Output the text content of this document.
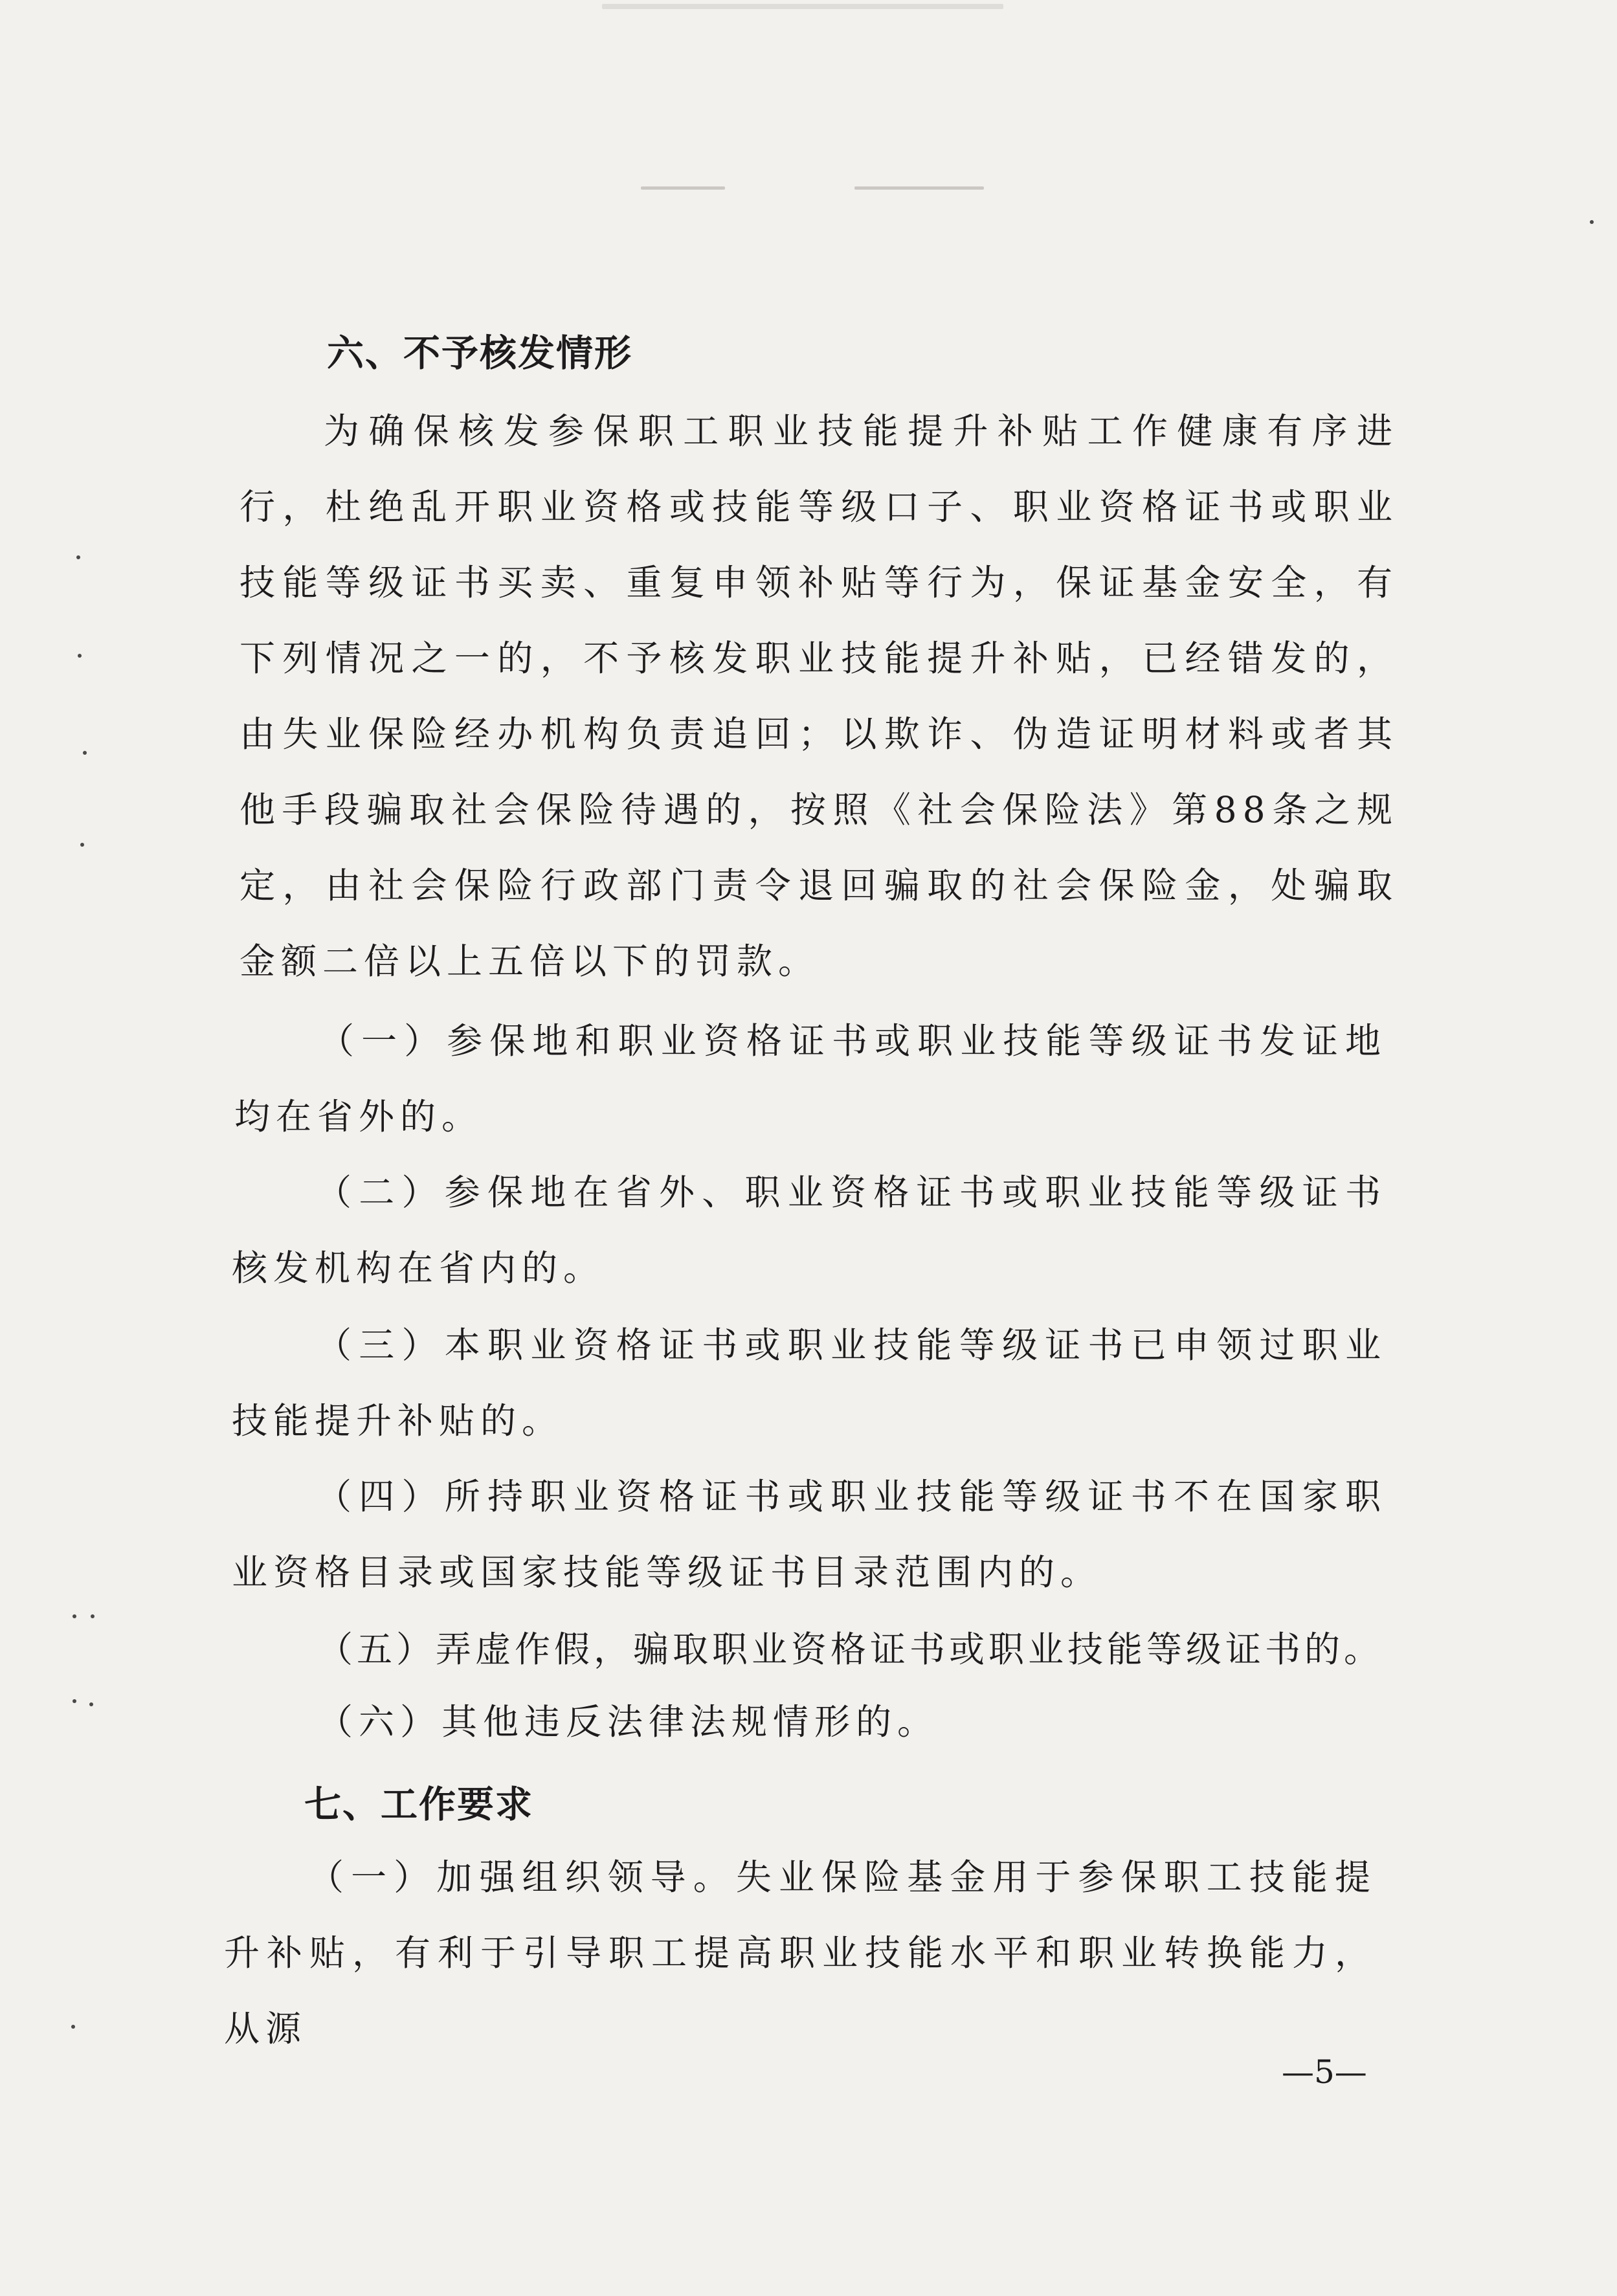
六、不予核发情形
为确保核发参保职工职业技能提升补贴工作健康有序进行，杜绝乱开职业资格或技能等级口子、职业资格证书或职业技能等级证书买卖、重复申领补贴等行为，保证基金安全，有下列情况之一的，不予核发职业技能提升补贴，已经错发的，由失业保险经办机构负责追回；以欺诈、伪造证明材料或者其他手段骗取社会保险待遇的，按照《社会保险法》第88条之规定，由社会保险行政部门责令退回骗取的社会保险金，处骗取金额二倍以上五倍以下的罚款。
（一）参保地和职业资格证书或职业技能等级证书发证地均在省外的。
（二）参保地在省外、职业资格证书或职业技能等级证书核发机构在省内的。
（三）本职业资格证书或职业技能等级证书已申领过职业技能提升补贴的。
（四）所持职业资格证书或职业技能等级证书不在国家职业资格目录或国家技能等级证书目录范围内的。
（五）弄虚作假，骗取职业资格证书或职业技能等级证书的。
（六）其他违反法律法规情形的。
七、工作要求
（一）加强组织领导。失业保险基金用于参保职工技能提升补贴，有利于引导职工提高职业技能水平和职业转换能力，从源
—5—
